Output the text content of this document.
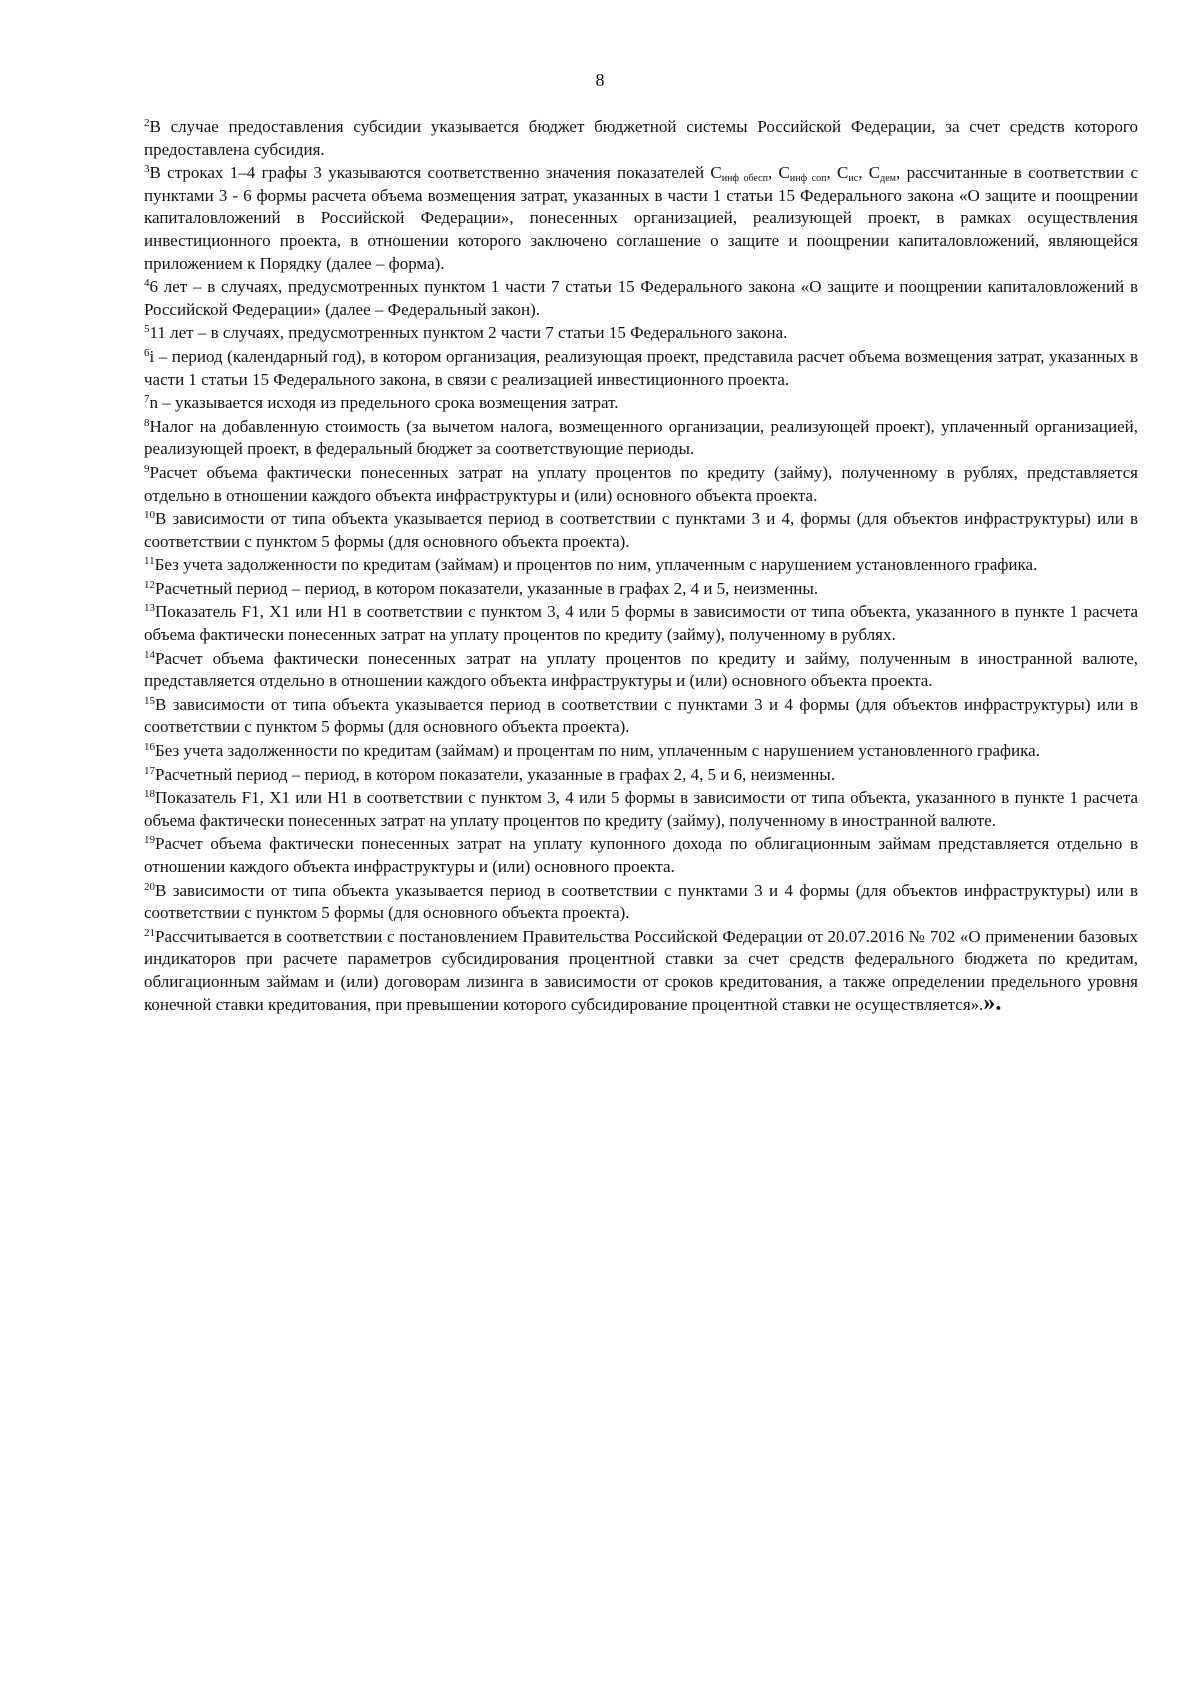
8

$^2$В случае предоставления субсидии указывается бюджет бюджетной системы Российской Федерации, за счет средств которого предоставлена субсидия.

$^3$В строках 1–4 графы 3 указываются соответственно значения показателей $С_{инф обесп}$, $С_{инф соп}$, $С_{ис}$, $С_{дем}$, рассчитанные в соответствии с пунктами 3 - 6 формы расчета объема возмещения затрат, указанных в части 1 статьи 15 Федерального закона «О защите и поощрении капиталовложений в Российской Федерации», понесенных организацией, реализующей проект, в рамках осуществления инвестиционного проекта, в отношении которого заключено соглашение о защите и поощрении капиталовложений, являющейся приложением к Порядку (далее – форма).

$^4$6 лет – в случаях, предусмотренных пунктом 1 части 7 статьи 15 Федерального закона «О защите и поощрении капиталовложений в Российской Федерации» (далее – Федеральный закон).

$^5$11 лет – в случаях, предусмотренных пунктом 2 части 7 статьи 15 Федерального закона.

$^6$i – период (календарный год), в котором организация, реализующая проект, представила расчет объема возмещения затрат, указанных в части 1 статьи 15 Федерального закона, в связи с реализацией инвестиционного проекта.

$^7$n – указывается исходя из предельного срока возмещения затрат.

$^8$Налог на добавленную стоимость (за вычетом налога, возмещенного организации, реализующей проект), уплаченный организацией, реализующей проект, в федеральный бюджет за соответствующие периоды.

$^9$Расчет объема фактически понесенных затрат на уплату процентов по кредиту (займу), полученному в рублях, представляется отдельно в отношении каждого объекта инфраструктуры и (или) основного объекта проекта.

$^{10}$В зависимости от типа объекта указывается период в соответствии с пунктами 3 и 4, формы (для объектов инфраструктуры) или в соответствии с пунктом 5 формы (для основного объекта проекта).

$^{11}$Без учета задолженности по кредитам (займам) и процентов по ним, уплаченным с нарушением установленного графика.

$^{12}$Расчетный период – период, в котором показатели, указанные в графах 2, 4 и 5, неизменны.

$^{13}$Показатель F1, X1 или H1 в соответствии с пунктом 3, 4 или 5 формы в зависимости от типа объекта, указанного в пункте 1 расчета объема фактически понесенных затрат на уплату процентов по кредиту (займу), полученному в рублях.

$^{14}$Расчет объема фактически понесенных затрат на уплату процентов по кредиту и займу, полученным в иностранной валюте, представляется отдельно в отношении каждого объекта инфраструктуры и (или) основного объекта проекта.

$^{15}$В зависимости от типа объекта указывается период в соответствии с пунктами 3 и 4 формы (для объектов инфраструктуры) или в соответствии с пунктом 5 формы (для основного объекта проекта).

$^{16}$Без учета задолженности по кредитам (займам) и процентам по ним, уплаченным с нарушением установленного графика.

$^{17}$Расчетный период – период, в котором показатели, указанные в графах 2, 4, 5 и 6, неизменны.

$^{18}$Показатель F1, X1 или H1 в соответствии с пунктом 3, 4 или 5 формы в зависимости от типа объекта, указанного в пункте 1 расчета объема фактически понесенных затрат на уплату процентов по кредиту (займу), полученному в иностранной валюте.

$^{19}$Расчет объема фактически понесенных затрат на уплату купонного дохода по облигационным займам представляется отдельно в отношении каждого объекта инфраструктуры и (или) основного проекта.

$^{20}$В зависимости от типа объекта указывается период в соответствии с пунктами 3 и 4 формы (для объектов инфраструктуры) или в соответствии с пунктом 5 формы (для основного объекта проекта).

$^{21}$Рассчитывается в соответствии с постановлением Правительства Российской Федерации от 20.07.2016 № 702 «О применении базовых индикаторов при расчете параметров субсидирования процентной ставки за счет средств федерального бюджета по кредитам, облигационным займам и (или) договорам лизинга в зависимости от сроков кредитования, а также определении предельного уровня конечной ставки кредитования, при превышении которого субсидирование процентной ставки не осуществляется».».
